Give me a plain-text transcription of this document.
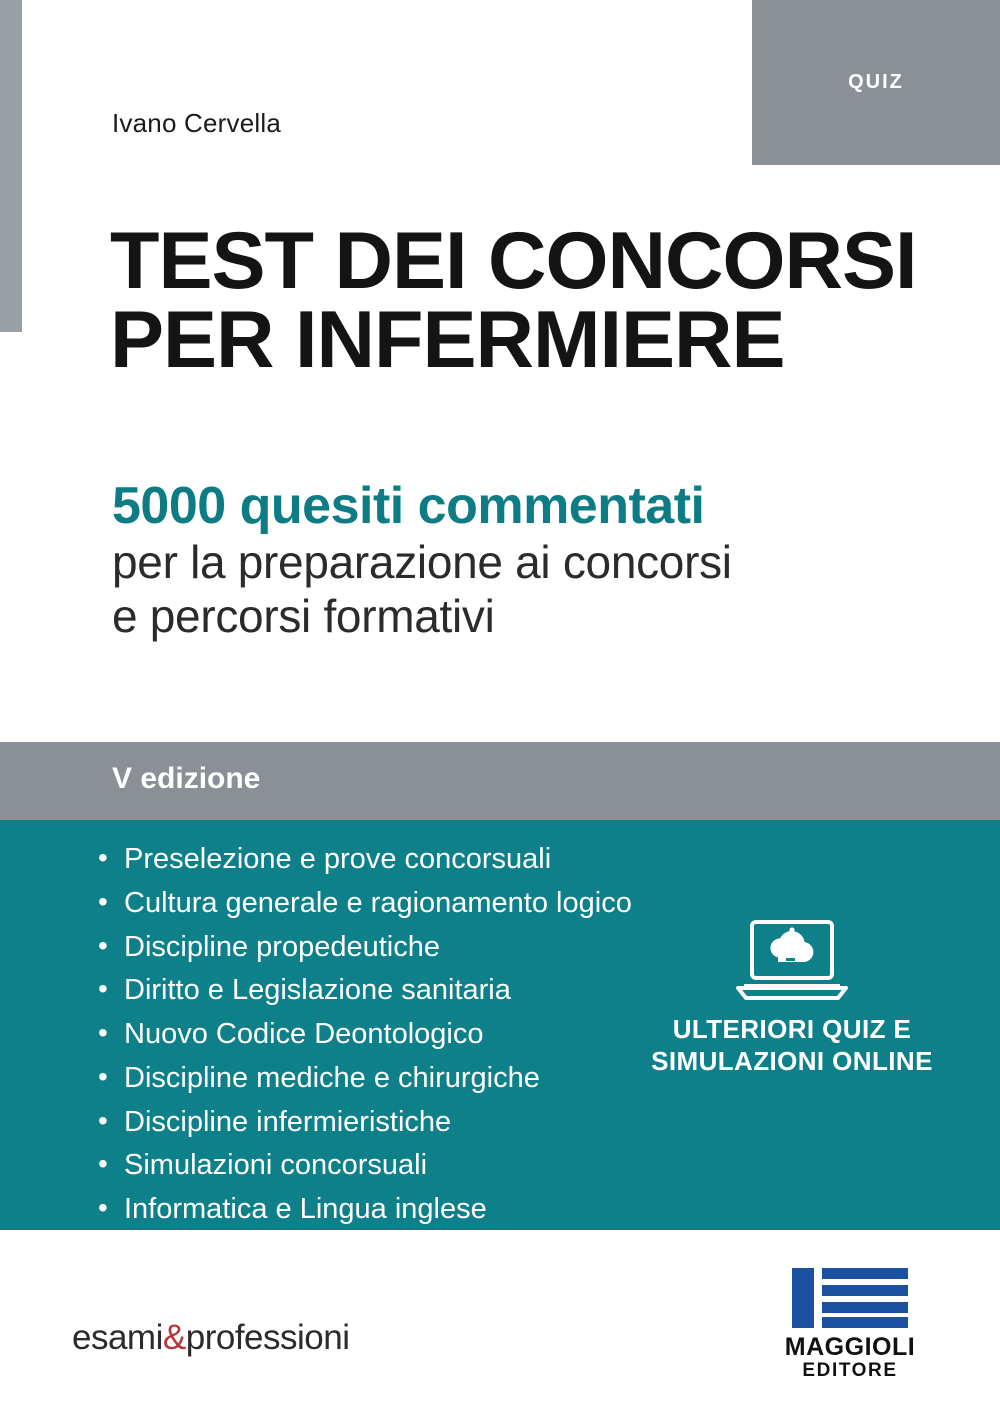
QUIZ
Ivano Cervella
TEST DEI CONCORSI
PER INFERMIERE
5000 quesiti commentati
per la preparazione ai concorsi
e percorsi formativi
V edizione
• Preselezione e prove concorsuali
• Cultura generale e ragionamento logico
• Discipline propedeutiche
• Diritto e Legislazione sanitaria
• Nuovo Codice Deontologico
• Discipline mediche e chirurgiche
• Discipline infermieristiche
• Simulazioni concorsuali
• Informatica e Lingua inglese
ULTERIORI QUIZ E
SIMULAZIONI ONLINE
esami&professioni	MAGGIOLI
EDITORE
